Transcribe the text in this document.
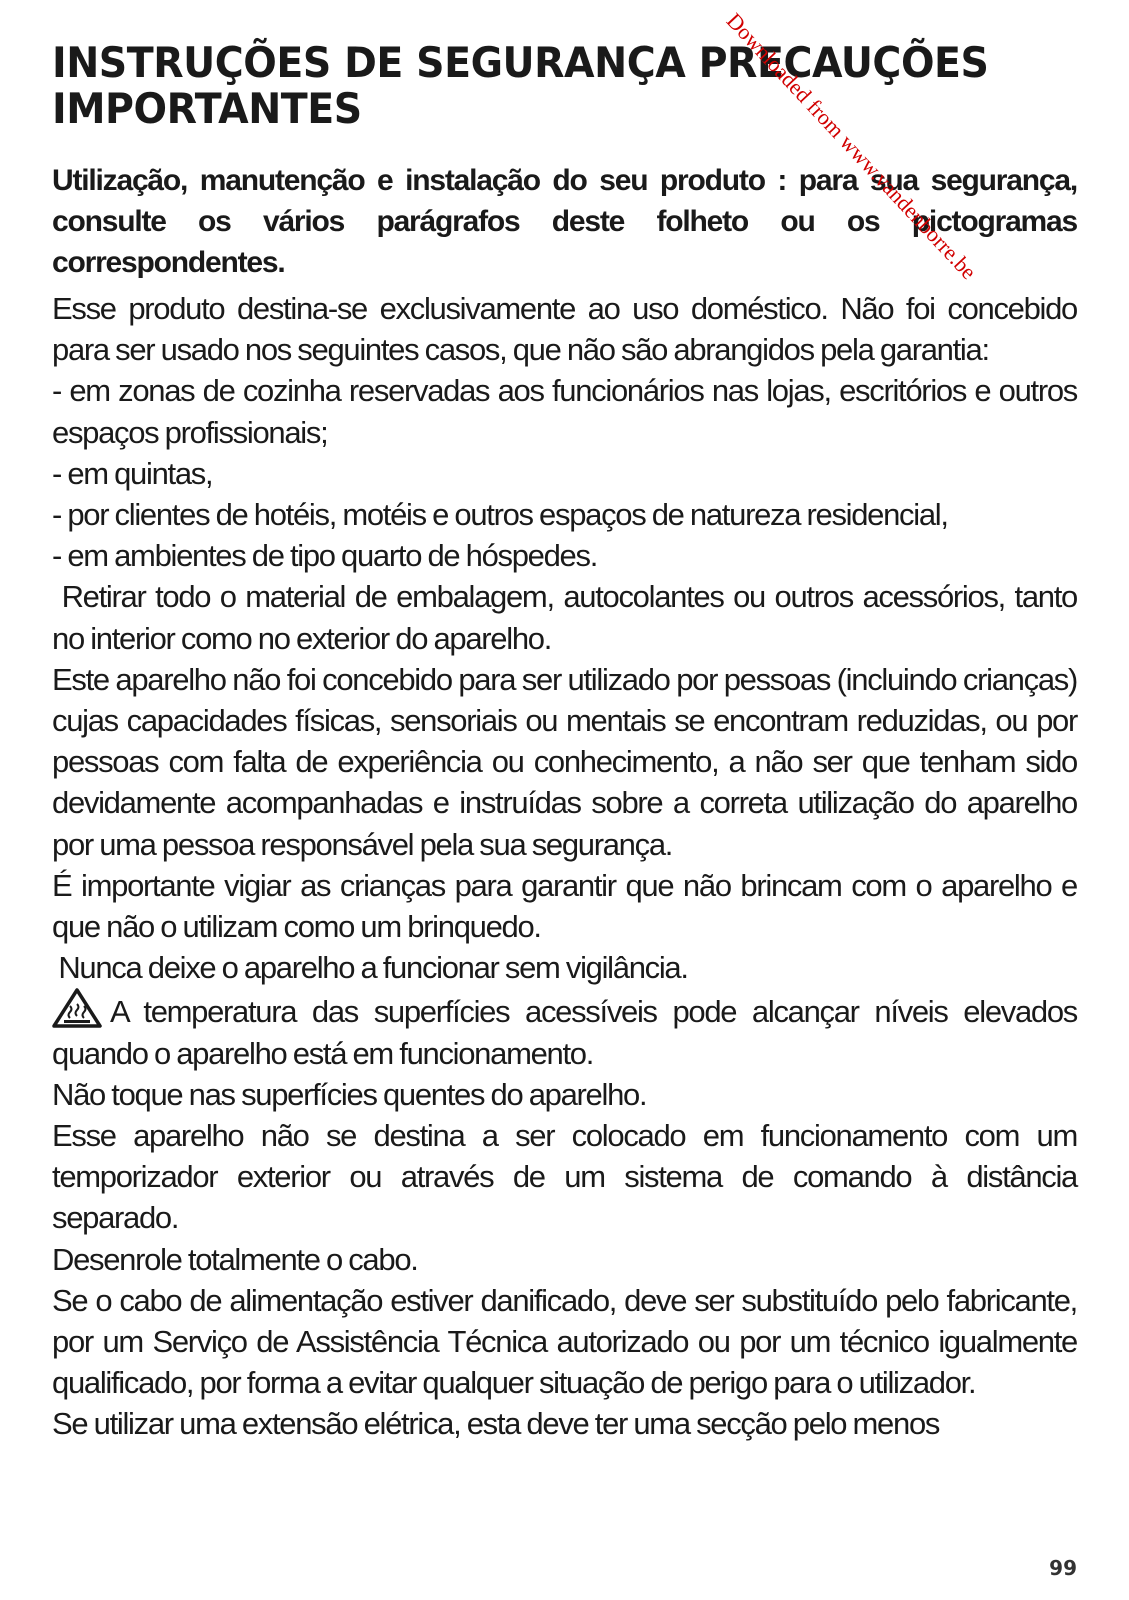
INSTRUÇÕES DE SEGURANÇA PRECAUÇÕES IMPORTANTES

Utilização, manutenção e instalação do seu produto : para sua segurança, consulte os vários parágrafos deste folheto ou os pictogramas correspondentes.

Esse produto destina-se exclusivamente ao uso doméstico. Não foi concebido para ser usado nos seguintes casos, que não são abrangidos pela garantia:

- em zonas de cozinha reservadas aos funcionários nas lojas, escritórios e outros espaços profissionais;

- em quintas,

- por clientes de hotéis, motéis e outros espaços de natureza residencial,

- em ambientes de tipo quarto de hóspedes.

Retirar todo o material de embalagem, autocolantes ou outros acessórios, tanto no interior como no exterior do aparelho.

Este aparelho não foi concebido para ser utilizado por pessoas (incluindo crianças) cujas capacidades físicas, sensoriais ou mentais se encontram reduzidas, ou por pessoas com falta de experiência ou conhecimento, a não ser que tenham sido devidamente acompanhadas e instruídas sobre a correta utilização do aparelho por uma pessoa responsável pela sua segurança.

É importante vigiar as crianças para garantir que não brincam com o aparelho e que não o utilizam como um brinquedo.

Nunca deixe o aparelho a funcionar sem vigilância.

A temperatura das superfícies acessíveis pode alcançar níveis elevados quando o aparelho está em funcionamento.

Não toque nas superfícies quentes do aparelho.

Esse aparelho não se destina a ser colocado em funcionamento com um temporizador exterior ou através de um sistema de comando à distância separado.

Desenrole totalmente o cabo.

Se o cabo de alimentação estiver danificado, deve ser substituído pelo fabricante, por um Serviço de Assistência Técnica autorizado ou por um técnico igualmente qualificado, por forma a evitar qualquer situação de perigo para o utilizador.

Se utilizar uma extensão elétrica, esta deve ter uma secção pelo menos

Downloaded from www.vandenborre.be
99
